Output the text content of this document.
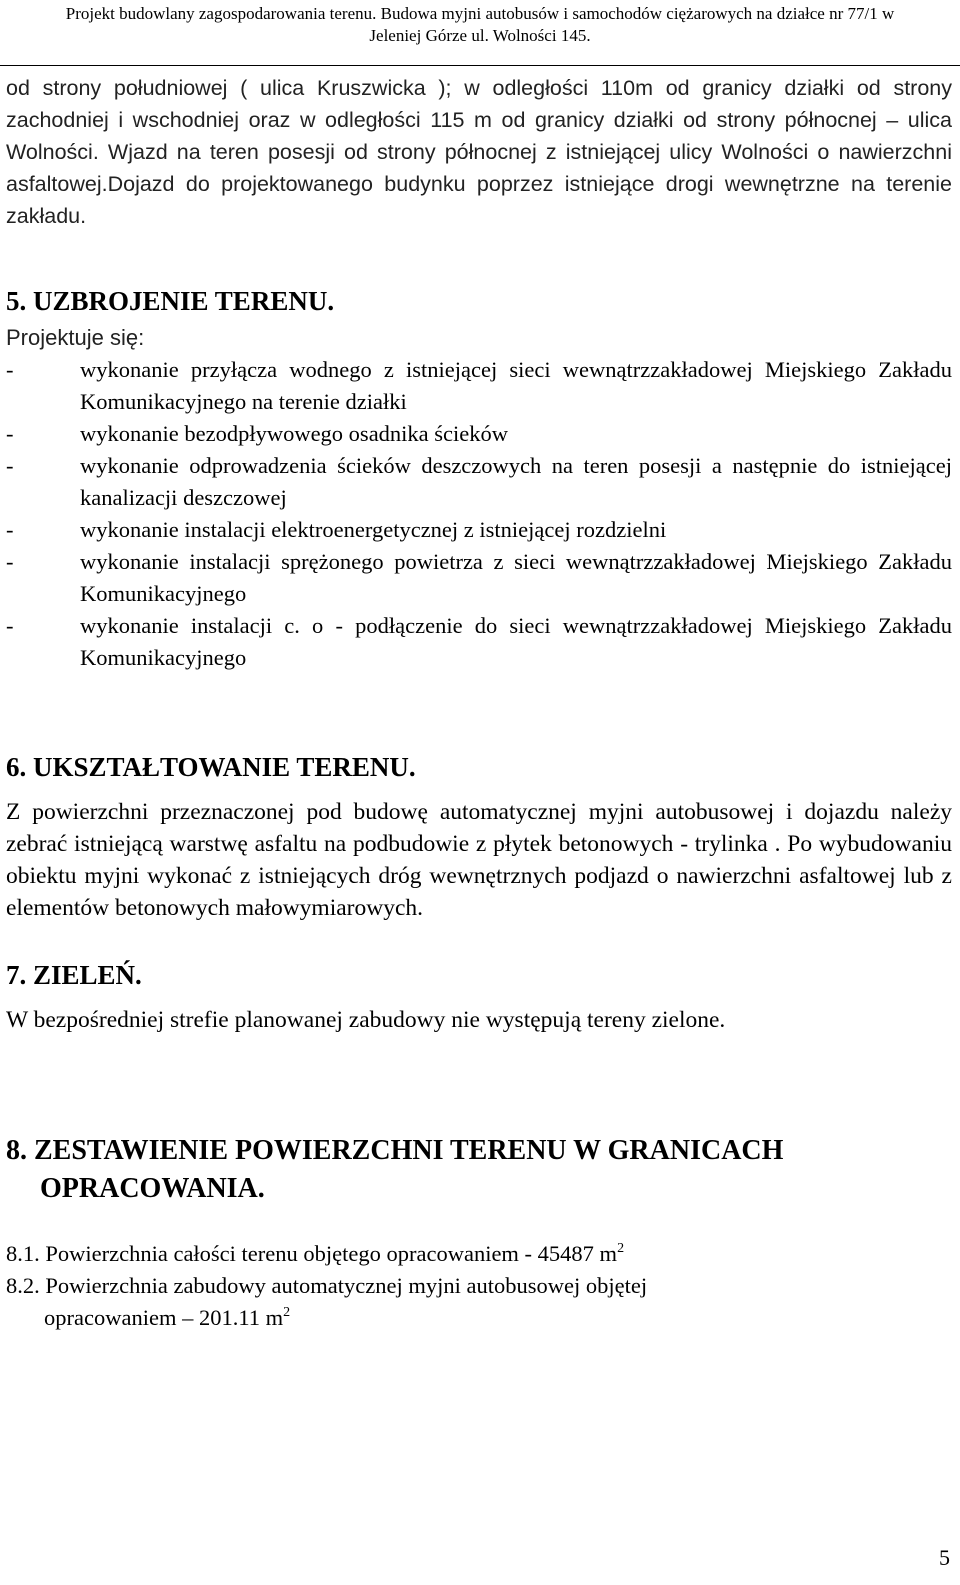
Projekt budowlany zagospodarowania terenu. Budowa myjni autobusów i samochodów ciężarowych na działce nr 77/1 w
Jeleniej Górze ul. Wolności 145.

od strony południowej ( ulica Kruszwicka ); w odległości 110m od granicy działki od strony zachodniej i wschodniej oraz w odległości 115 m od granicy działki od strony północnej – ulica Wolności. Wjazd na teren posesji od strony północnej z istniejącej ulicy Wolności o nawierzchni asfaltowej.Dojazd do projektowanego budynku poprzez istniejące drogi wewnętrzne na terenie zakładu.

5. UZBROJENIE TERENU.

Projektuje się:

-	wykonanie przyłącza wodnego z istniejącej sieci wewnątrzzakładowej Miejskiego Zakładu Komunikacyjnego na terenie działki
-	wykonanie bezodpływowego osadnika ścieków
-	wykonanie odprowadzenia ścieków deszczowych na teren posesji a następnie do istniejącej kanalizacji deszczowej
-	wykonanie instalacji elektroenergetycznej z istniejącej rozdzielni
-	wykonanie instalacji sprężonego powietrza z sieci wewnątrzzakładowej Miejskiego Zakładu Komunikacyjnego
-	wykonanie instalacji c. o - podłączenie do sieci wewnątrzzakładowej Miejskiego Zakładu Komunikacyjnego
6. UKSZTAŁTOWANIE TERENU.

Z powierzchni przeznaczonej pod budowę automatycznej myjni autobusowej i dojazdu należy zebrać istniejącą warstwę asfaltu na podbudowie z płytek betonowych - trylinka . Po wybudowaniu obiektu myjni wykonać z istniejących dróg wewnętrznych podjazd o nawierzchni asfaltowej lub z elementów betonowych małowymiarowych.

7. ZIELEŃ.

W bezpośredniej strefie planowanej zabudowy nie występują tereny zielone.

8. ZESTAWIENIE POWIERZCHNI TERENU W GRANICACH
OPRACOWANIA.
8.1. Powierzchnia całości terenu objętego opracowaniem - 45487 $m^2$
8.2. Powierzchnia zabudowy automatycznej myjni autobusowej objętej
opracowaniem – 201.11 $m^2$
5
